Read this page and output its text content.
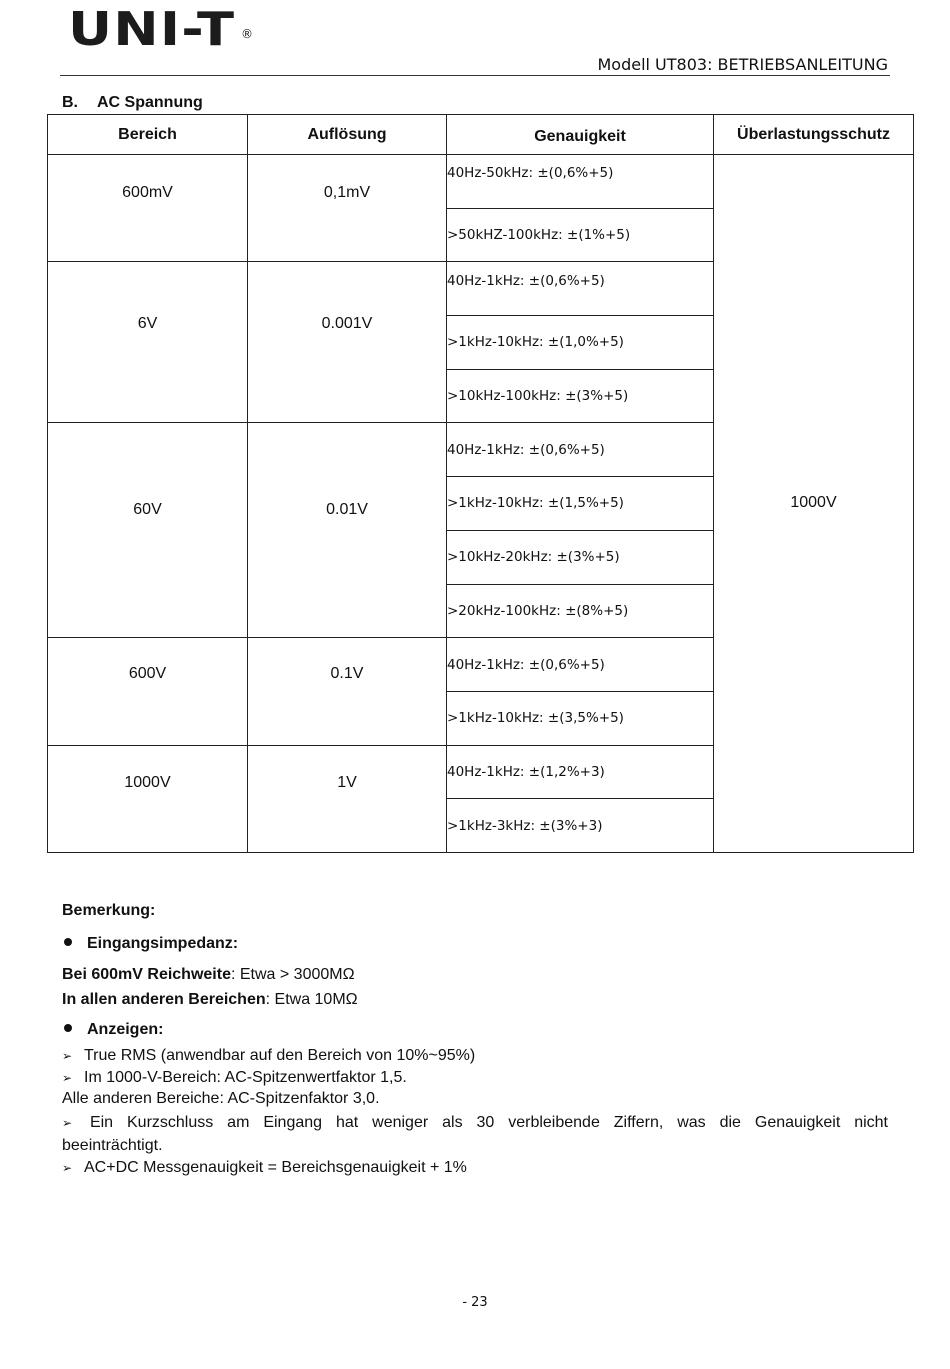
UNI-T ®
Modell UT803: BETRIEBSANLEITUNG
B. AC Spannung
Bereich	Auflösung	Genauigkeit	Überlastungsschutz
600mV	0,1mV	40Hz-50kHz: ±(0,6%+5)	1000V
		>50kHZ-100kHz: ±(1%+5)	
6V	0.001V	40Hz-1kHz: ±(0,6%+5)	
		>1kHz-10kHz: ±(1,0%+5)	
		>10kHz-100kHz: ±(3%+5)	
60V	0.01V	40Hz-1kHz: ±(0,6%+5)	
		>1kHz-10kHz: ±(1,5%+5)	
		>10kHz-20kHz: ±(3%+5)	
		>20kHz-100kHz: ±(8%+5)	
600V	0.1V	40Hz-1kHz: ±(0,6%+5)	
		>1kHz-10kHz: ±(3,5%+5)	
1000V	1V	40Hz-1kHz: ±(1,2%+3)	
		>1kHz-3kHz: ±(3%+3)	
Bemerkung:
Eingangsimpedanz:
Bei 600mV Reichweite: Etwa > 3000MΩ
In allen anderen Bereichen: Etwa 10MΩ
Anzeigen:
➢ True RMS (anwendbar auf den Bereich von 10%~95%)
➢ Im 1000-V-Bereich: AC-Spitzenwertfaktor 1,5.
Alle anderen Bereiche: AC-Spitzenfaktor 3,0.
➢ Ein Kurzschluss am Eingang hat weniger als 30 verbleibende Ziffern, was die Genauigkeit nicht
beeinträchtigt.
➢ AC+DC Messgenauigkeit = Bereichsgenauigkeit + 1%
- 23
